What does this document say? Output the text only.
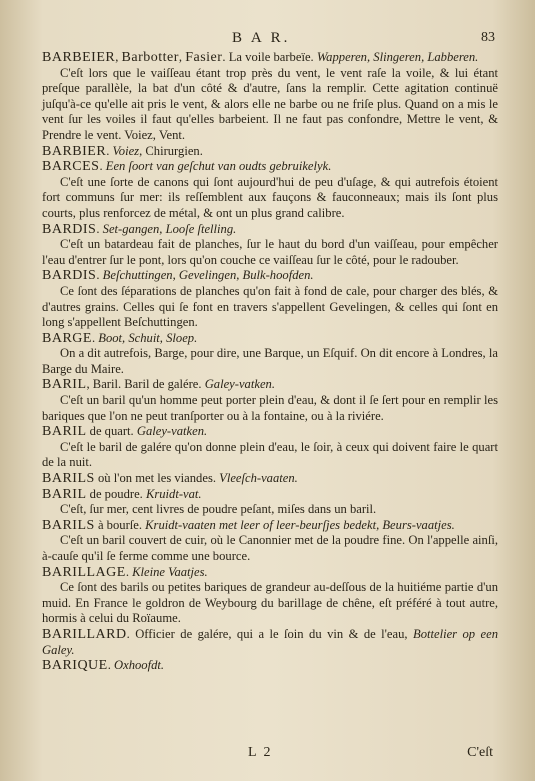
B A R.	83

BARBEIER, Barbotter, Fasier. La voile barbeïe. Wapperen, Slingeren, Labberen.

C'eſt lors que le vaiſſeau étant trop près du vent, le vent raſe la voile, & lui étant preſque parallèle, la bat d'un côté & d'autre, ſans la remplir. Cette agitation continuë juſqu'à-ce qu'elle ait pris le vent, & alors elle ne barbe ou ne friſe plus. Quand on a mis le vent ſur les voiles il faut qu'elles barbeient. Il ne faut pas confondre, Mettre le vent, & Prendre le vent. Voiez, Vent.

BARBIER. Voiez, Chirurgien.

BARCES. Een ſoort van geſchut van oudts gebruikelyk.

C'eſt une ſorte de canons qui ſont aujourd'hui de peu d'uſage, & qui autrefois étoient fort communs ſur mer: ils reſſemblent aux fauçons & fauconneaux; mais ils ſont plus courts, plus renforcez de métal, & ont un plus grand calibre.

BARDIS. Set-gangen, Looſe ſtelling.

C'eſt un batardeau fait de planches, ſur le haut du bord d'un vaiſſeau, pour empêcher l'eau d'entrer ſur le pont, lors qu'on couche ce vaiſſeau ſur le côté, pour le radouber.

BARDIS. Beſchuttingen, Gevelingen, Bulk-hoofden.

Ce ſont des ſéparations de planches qu'on fait à fond de cale, pour charger des blés, & d'autres grains. Celles qui ſe font en travers s'appellent Gevelingen, & celles qui ſont en long s'appellent Beſchuttingen.

BARGE. Boot, Schuit, Sloep.

On a dit autrefois, Barge, pour dire, une Barque, un Eſquif. On dit encore à Londres, la Barge du Maire.

BARIL, Baril. Baril de galére. Galey-vatken.

C'eſt un baril qu'un homme peut porter plein d'eau, & dont il ſe ſert pour en remplir les bariques que l'on ne peut tranſporter ou à la fontaine, ou à la riviére.

BARIL de quart. Galey-vatken.

C'eſt le baril de galére qu'on donne plein d'eau, le ſoir, à ceux qui doivent faire le quart de la nuit.

BARILS où l'on met les viandes. Vleeſch-vaaten.

BARIL de poudre. Kruidt-vat.

C'eſt, ſur mer, cent livres de poudre peſant, miſes dans un baril.

BARILS à bourſe. Kruidt-vaaten met leer of leer-beurſjes bedekt, Beurs-vaatjes.

C'eſt un baril couvert de cuir, où le Canonnier met de la poudre fine. On l'appelle ainſi, à-cauſe qu'il ſe ferme comme une bource.

BARILLAGE. Kleine Vaatjes.

Ce ſont des barils ou petites bariques de grandeur au-deſſous de la huitiéme partie d'un muid. En France le goldron de Weybourg du barillage de chêne, eſt préféré à tout autre, hormis à celui du Roïaume.

BARILLARD. Officier de galére, qui a le ſoin du vin & de l'eau, Bottelier op een Galey.

BARIQUE. Oxhoofdt.

L 2	C'eſt
